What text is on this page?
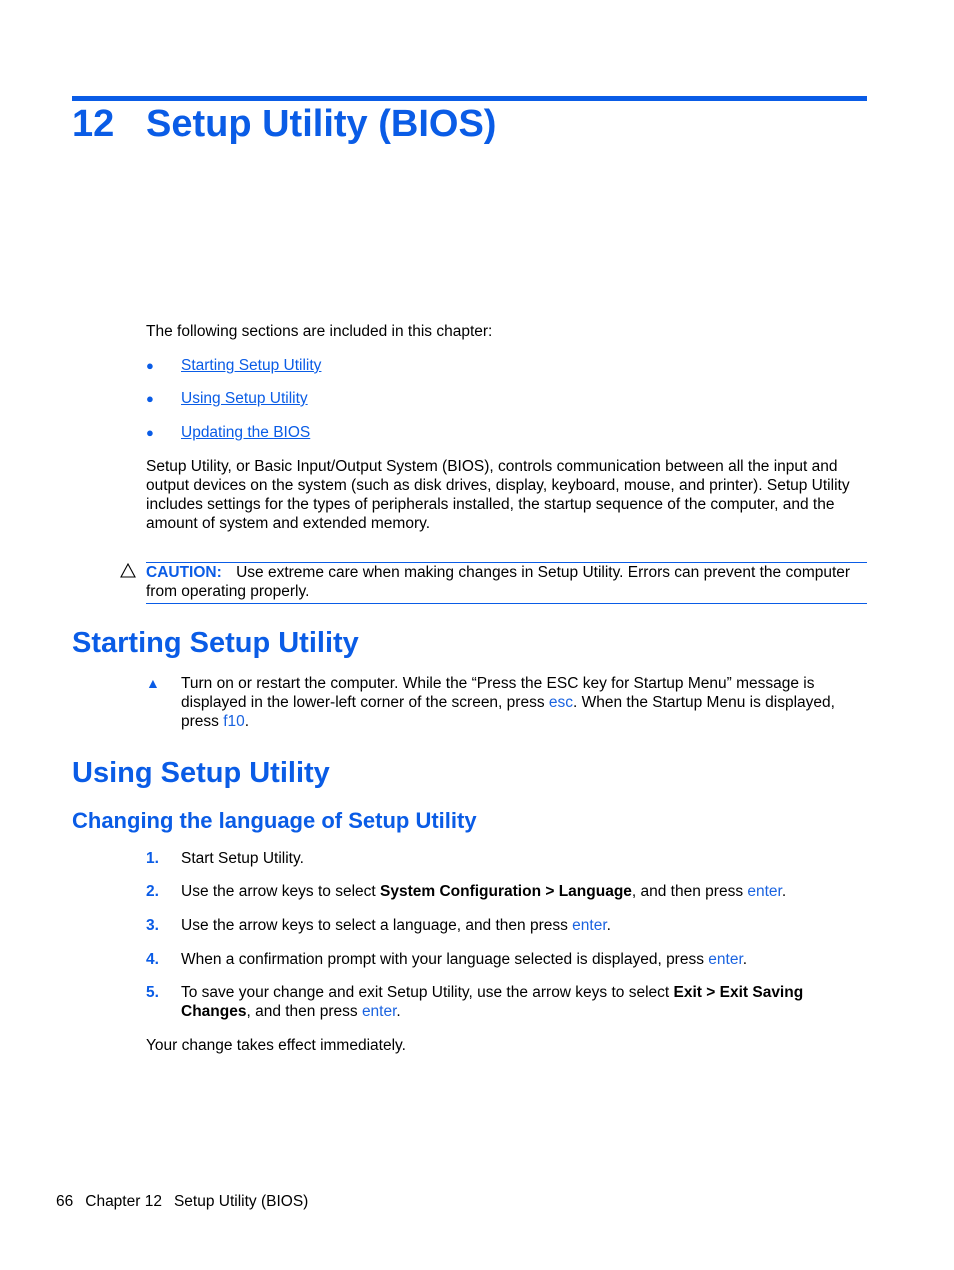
12 Setup Utility (BIOS)
The following sections are included in this chapter:
● Starting Setup Utility
● Using Setup Utility
● Updating the BIOS
Setup Utility, or Basic Input/Output System (BIOS), controls communication between all the input and output devices on the system (such as disk drives, display, keyboard, mouse, and printer). Setup Utility includes settings for the types of peripherals installed, the startup sequence of the computer, and the amount of system and extended memory.
CAUTION: Use extreme care when making changes in Setup Utility. Errors can prevent the computer from operating properly.
Starting Setup Utility
▲ Turn on or restart the computer. While the “Press the ESC key for Startup Menu” message is displayed in the lower-left corner of the screen, press esc. When the Startup Menu is displayed, press f10.
Using Setup Utility
Changing the language of Setup Utility
1. Start Setup Utility.
2. Use the arrow keys to select System Configuration > Language, and then press enter.
3. Use the arrow keys to select a language, and then press enter.
4. When a confirmation prompt with your language selected is displayed, press enter.
5. To save your change and exit Setup Utility, use the arrow keys to select Exit > Exit Saving Changes, and then press enter.
Your change takes effect immediately.
66 Chapter 12 Setup Utility (BIOS)
